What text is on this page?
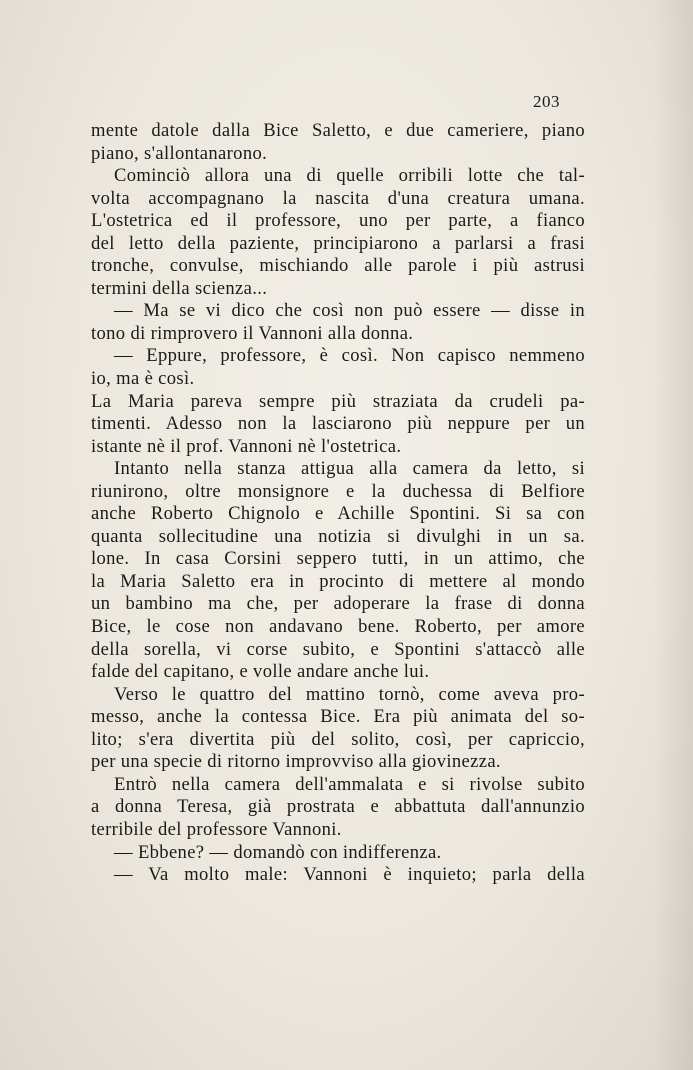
203
mente datole dalla Bice Saletto, e due cameriere, piano
piano, s'allontanarono.
Cominciò allora una di quelle orribili lotte che tal-
volta accompagnano la nascita d'una creatura umana.
L'ostetrica ed il professore, uno per parte, a fianco
del letto della paziente, principiarono a parlarsi a frasi
tronche, convulse, mischiando alle parole i più astrusi
termini della scienza...
— Ma se vi dico che così non può essere — disse in
tono di rimprovero il Vannoni alla donna.
— Eppure, professore, è così. Non capisco nemmeno
io, ma è così.
La Maria pareva sempre più straziata da crudeli pa-
timenti. Adesso non la lasciarono più neppure per un
istante nè il prof. Vannoni nè l'ostetrica.
Intanto nella stanza attigua alla camera da letto, si
riunirono, oltre monsignore e la duchessa di Belfiore
anche Roberto Chignolo e Achille Spontini. Si sa con
quanta sollecitudine una notizia si divulghi in un sa.
lone. In casa Corsini seppero tutti, in un attimo, che
la Maria Saletto era in procinto di mettere al mondo
un bambino ma che, per adoperare la frase di donna
Bice, le cose non andavano bene. Roberto, per amore
della sorella, vi corse subito, e Spontini s'attaccò alle
falde del capitano, e volle andare anche lui.
Verso le quattro del mattino tornò, come aveva pro-
messo, anche la contessa Bice. Era più animata del so-
lito; s'era divertita più del solito, così, per capriccio,
per una specie di ritorno improvviso alla giovinezza.
Entrò nella camera dell'ammalata e si rivolse subito
a donna Teresa, già prostrata e abbattuta dall'annunzio
terribile del professore Vannoni.
— Ebbene? — domandò con indifferenza.
— Va molto male: Vannoni è inquieto; parla della
